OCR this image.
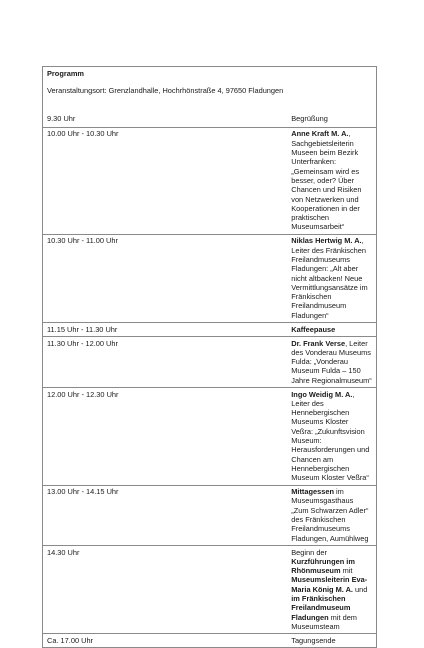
Programm
Veranstaltungsort: Grenzlandhalle, Hochrhönstraße 4, 97650 Fladungen
9.30 Uhr	Begrüßung
10.00 Uhr - 10.30 Uhr	Anne Kraft M. A., Sachgebietsleiterin Museen beim Bezirk Unterfranken: „Gemeinsam wird es besser, oder? Über Chancen und Risiken von Netzwerken und Kooperationen in der praktischen Museumsarbeit“
10.30 Uhr - 11.00 Uhr	Niklas Hertwig M. A., Leiter des Fränkischen Freilandmuseums Fladungen: „Alt aber nicht altbacken! Neue Vermittlungsansätze im Fränkischen Freilandmuseum Fladungen“
11.15 Uhr - 11.30 Uhr	Kaffeepause
11.30 Uhr - 12.00 Uhr	Dr. Frank Verse, Leiter des Vonderau Museums Fulda: „Vonderau Museum Fulda – 150 Jahre Regionalmuseum“
12.00 Uhr - 12.30 Uhr	Ingo Weidig M. A., Leiter des Hennebergischen Museums Kloster Veßra: „Zukunftsvision Museum: Herausforderungen und Chancen am Hennebergischen Museum Kloster Veßra“
13.00 Uhr - 14.15 Uhr	Mittagessen im Museumsgasthaus „Zum Schwarzen Adler“ des Fränkischen Freilandmuseums Fladungen, Aumühlweg
14.30 Uhr	Beginn der Kurzführungen im Rhönmuseum mit Museumsleiterin Eva-Maria König M. A. und im Fränkischen Freilandmuseum Fladungen mit dem Museumsteam
Ca. 17.00 Uhr	Tagungsende
